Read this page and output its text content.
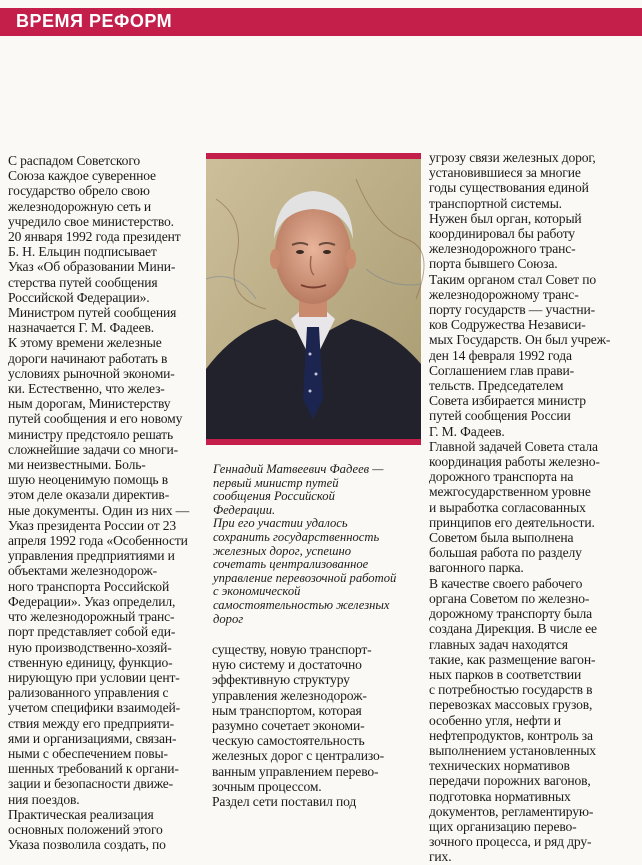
ВРЕМЯ РЕФОРМ

С распадом Советского
Союза каждое суверенное
государство обрело свою
железнодорожную сеть и
учредило свое министерство.
20 января 1992 года президент
Б. Н. Ельцин подписывает
Указ «Об образовании Мини-
стерства путей сообщения
Российской Федерации».
Министром путей сообщения
назначается Г. М. Фадеев.
К этому времени железные
дороги начинают работать в
условиях рыночной экономи-
ки. Естественно, что желез-
ным дорогам, Министерству
путей сообщения и его новому
министру предстояло решать
сложнейшие задачи со многи-
ми неизвестными. Боль-
шую неоценимую помощь в
этом деле оказали директив-
ные документы. Один из них —
Указ президента России от 23
апреля 1992 года «Особенности
управления предприятиями и
объектами железнодорож-
ного транспорта Российской
Федерации». Указ определил,
что железнодорожный транс-
порт представляет собой еди-
ную производственно-хозяй-
ственную единицу, функцио-
нирующую при условии цент-
рализованного управления с
учетом специфики взаимодей-
ствия между его предприяти-
ями и организациями, связан-
ными с обеспечением повы-
шенных требований к органи-
зации и безопасности движе-
ния поездов.

Практическая реализация
основных положений этого
Указа позволила создать, по

Геннадий Матвеевич Фадеев —
первый министр путей
сообщения Российской
Федерации.

При его участии удалось
сохранить государственность
железных дорог, успешно
сочетать централизованное
управление перевозочной работой
с экономической
самостоятельностью железных
дорог

существу, новую транспорт-
ную систему и достаточно
эффективную структуру
управления железнодорож-
ным транспортом, которая
разумно сочетает экономи-
ческую самостоятельность
железных дорог с централизо-
ванным управлением перево-
зочным процессом.

Раздел сети поставил под

угрозу связи железных дорог,
установившиеся за многие
годы существования единой
транспортной системы.
Нужен был орган, который
координировал бы работу
железнодорожного транс-
порта бывшего Союза.
Таким органом стал Совет по
железнодорожному транс-
порту государств — участни-
ков Содружества Независи-
мых Государств. Он был учреж-
ден 14 февраля 1992 года
Соглашением глав прави-
тельств. Председателем
Совета избирается министр
путей сообщения России
Г. М. Фадеев.

Главной задачей Совета стала
координация работы железно-
дорожного транспорта на
межгосударственном уровне
и выработка согласованных
принципов его деятельности.
Советом была выполнена
большая работа по разделу
вагонного парка.

В качестве своего рабочего
органа Советом по железно-
дорожному транспорту была
создана Дирекция. В числе ее
главных задач находятся
такие, как размещение вагон-
ных парков в соответствии
с потребностью государств в
перевозках массовых грузов,
особенно угля, нефти и
нефтепродуктов, контроль за
выполнением установленных
технических нормативов
передачи порожних вагонов,
подготовка нормативных
документов, регламентирую-
щих организацию перево-
зочного процесса, и ряд дру-
гих.
